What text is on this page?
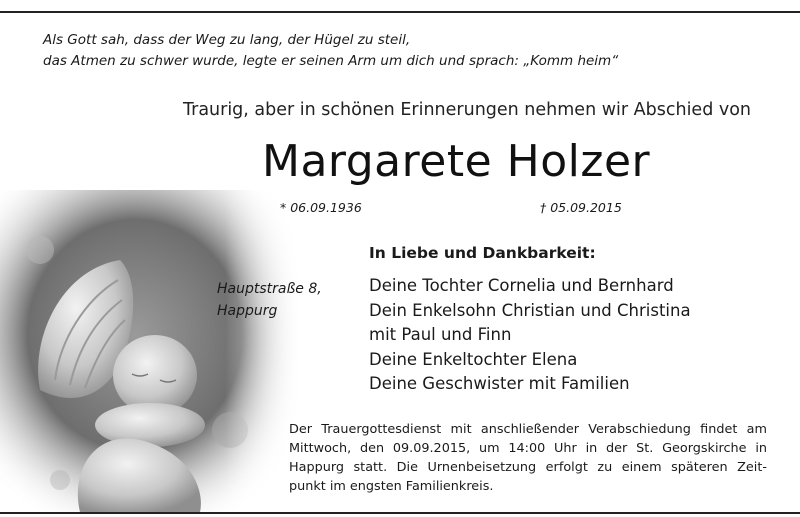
Als Gott sah, dass der Weg zu lang, der Hügel zu steil,
das Atmen zu schwer wurde, legte er seinen Arm um dich und sprach: „Komm heim“
Traurig, aber in schönen Erinnerungen nehmen wir Abschied von
Margarete Holzer
* 06.09.1936	† 05.09.2015
In Liebe und Dankbarkeit:
Hauptstraße 8,
Happurg
Deine Tochter Cornelia und Bernhard
Dein Enkelsohn Christian und Christina
mit Paul und Finn
Deine Enkeltochter Elena
Deine Geschwister mit Familien
Der Trauergottesdienst mit anschließender Verabschiedung findet am
Mittwoch, den 09.09.2015, um 14:00 Uhr in der St. Georgskirche in
Happurg statt. Die Urnenbeisetzung erfolgt zu einem späteren Zeit-
punkt im engsten Familienkreis.
